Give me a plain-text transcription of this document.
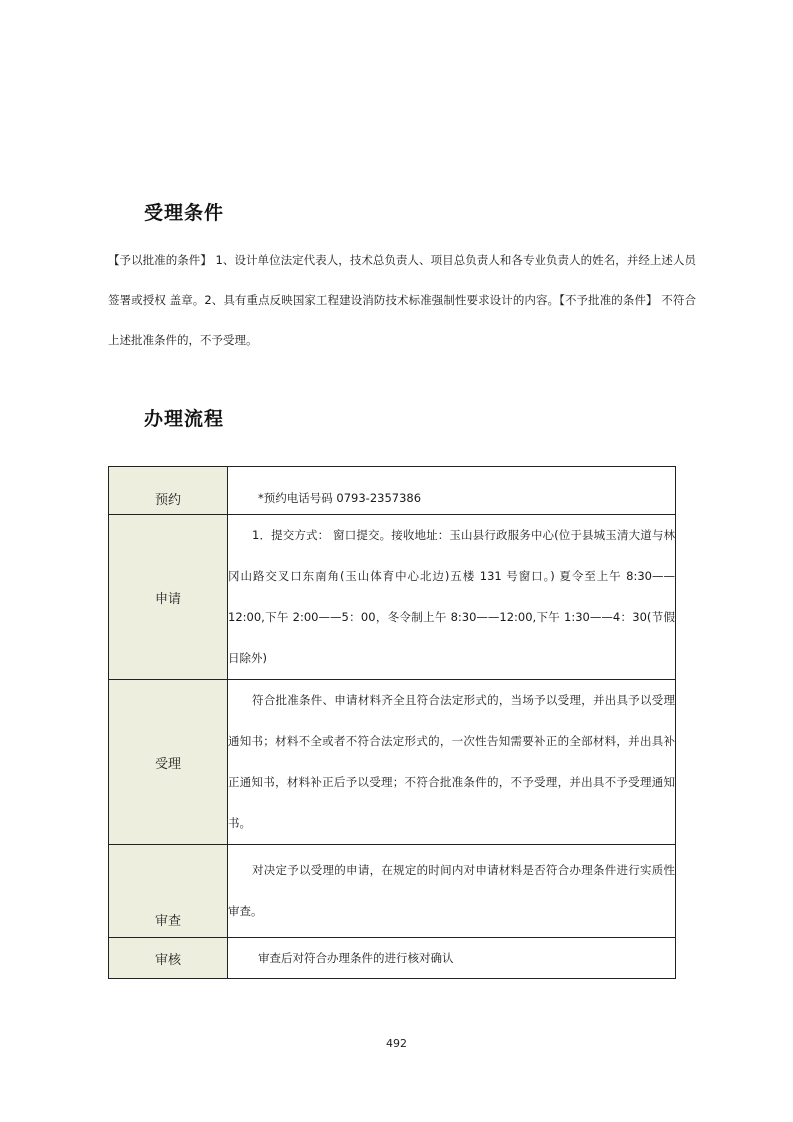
受理条件

【予以批准的条件】 1、设计单位法定代表人，技术总负责人、项目总负责人和各专业负责人的姓名，并经上述人员签署或授权 盖章。2、具有重点反映国家工程建设消防技术标准强制性要求设计的内容。【不予批准的条件】 不符合上述批准条件的，不予受理。

办理流程
预约	*预约电话号码 0793-2357386
申请	1．提交方式： 窗口提交。接收地址：玉山县行政服务中心(位于县城玉清大道与林冈山路交叉口东南角(玉山体育中心北边)五楼 131 号窗口。) 夏令至上午 8:30——12:00,下午 2:00——5：00，冬令制上午 8:30——12:00,下午 1:30——4：30(节假日除外)
受理	符合批准条件、申请材料齐全且符合法定形式的，当场予以受理，并出具予以受理通知书；材料不全或者不符合法定形式的，一次性告知需要补正的全部材料，并出具补正通知书，材料补正后予以受理；不符合批准条件的，不予受理，并出具不予受理通知书。
审查	对决定予以受理的申请，在规定的时间内对申请材料是否符合办理条件进行实质性审查。
审核	审查后对符合办理条件的进行核对确认
492
